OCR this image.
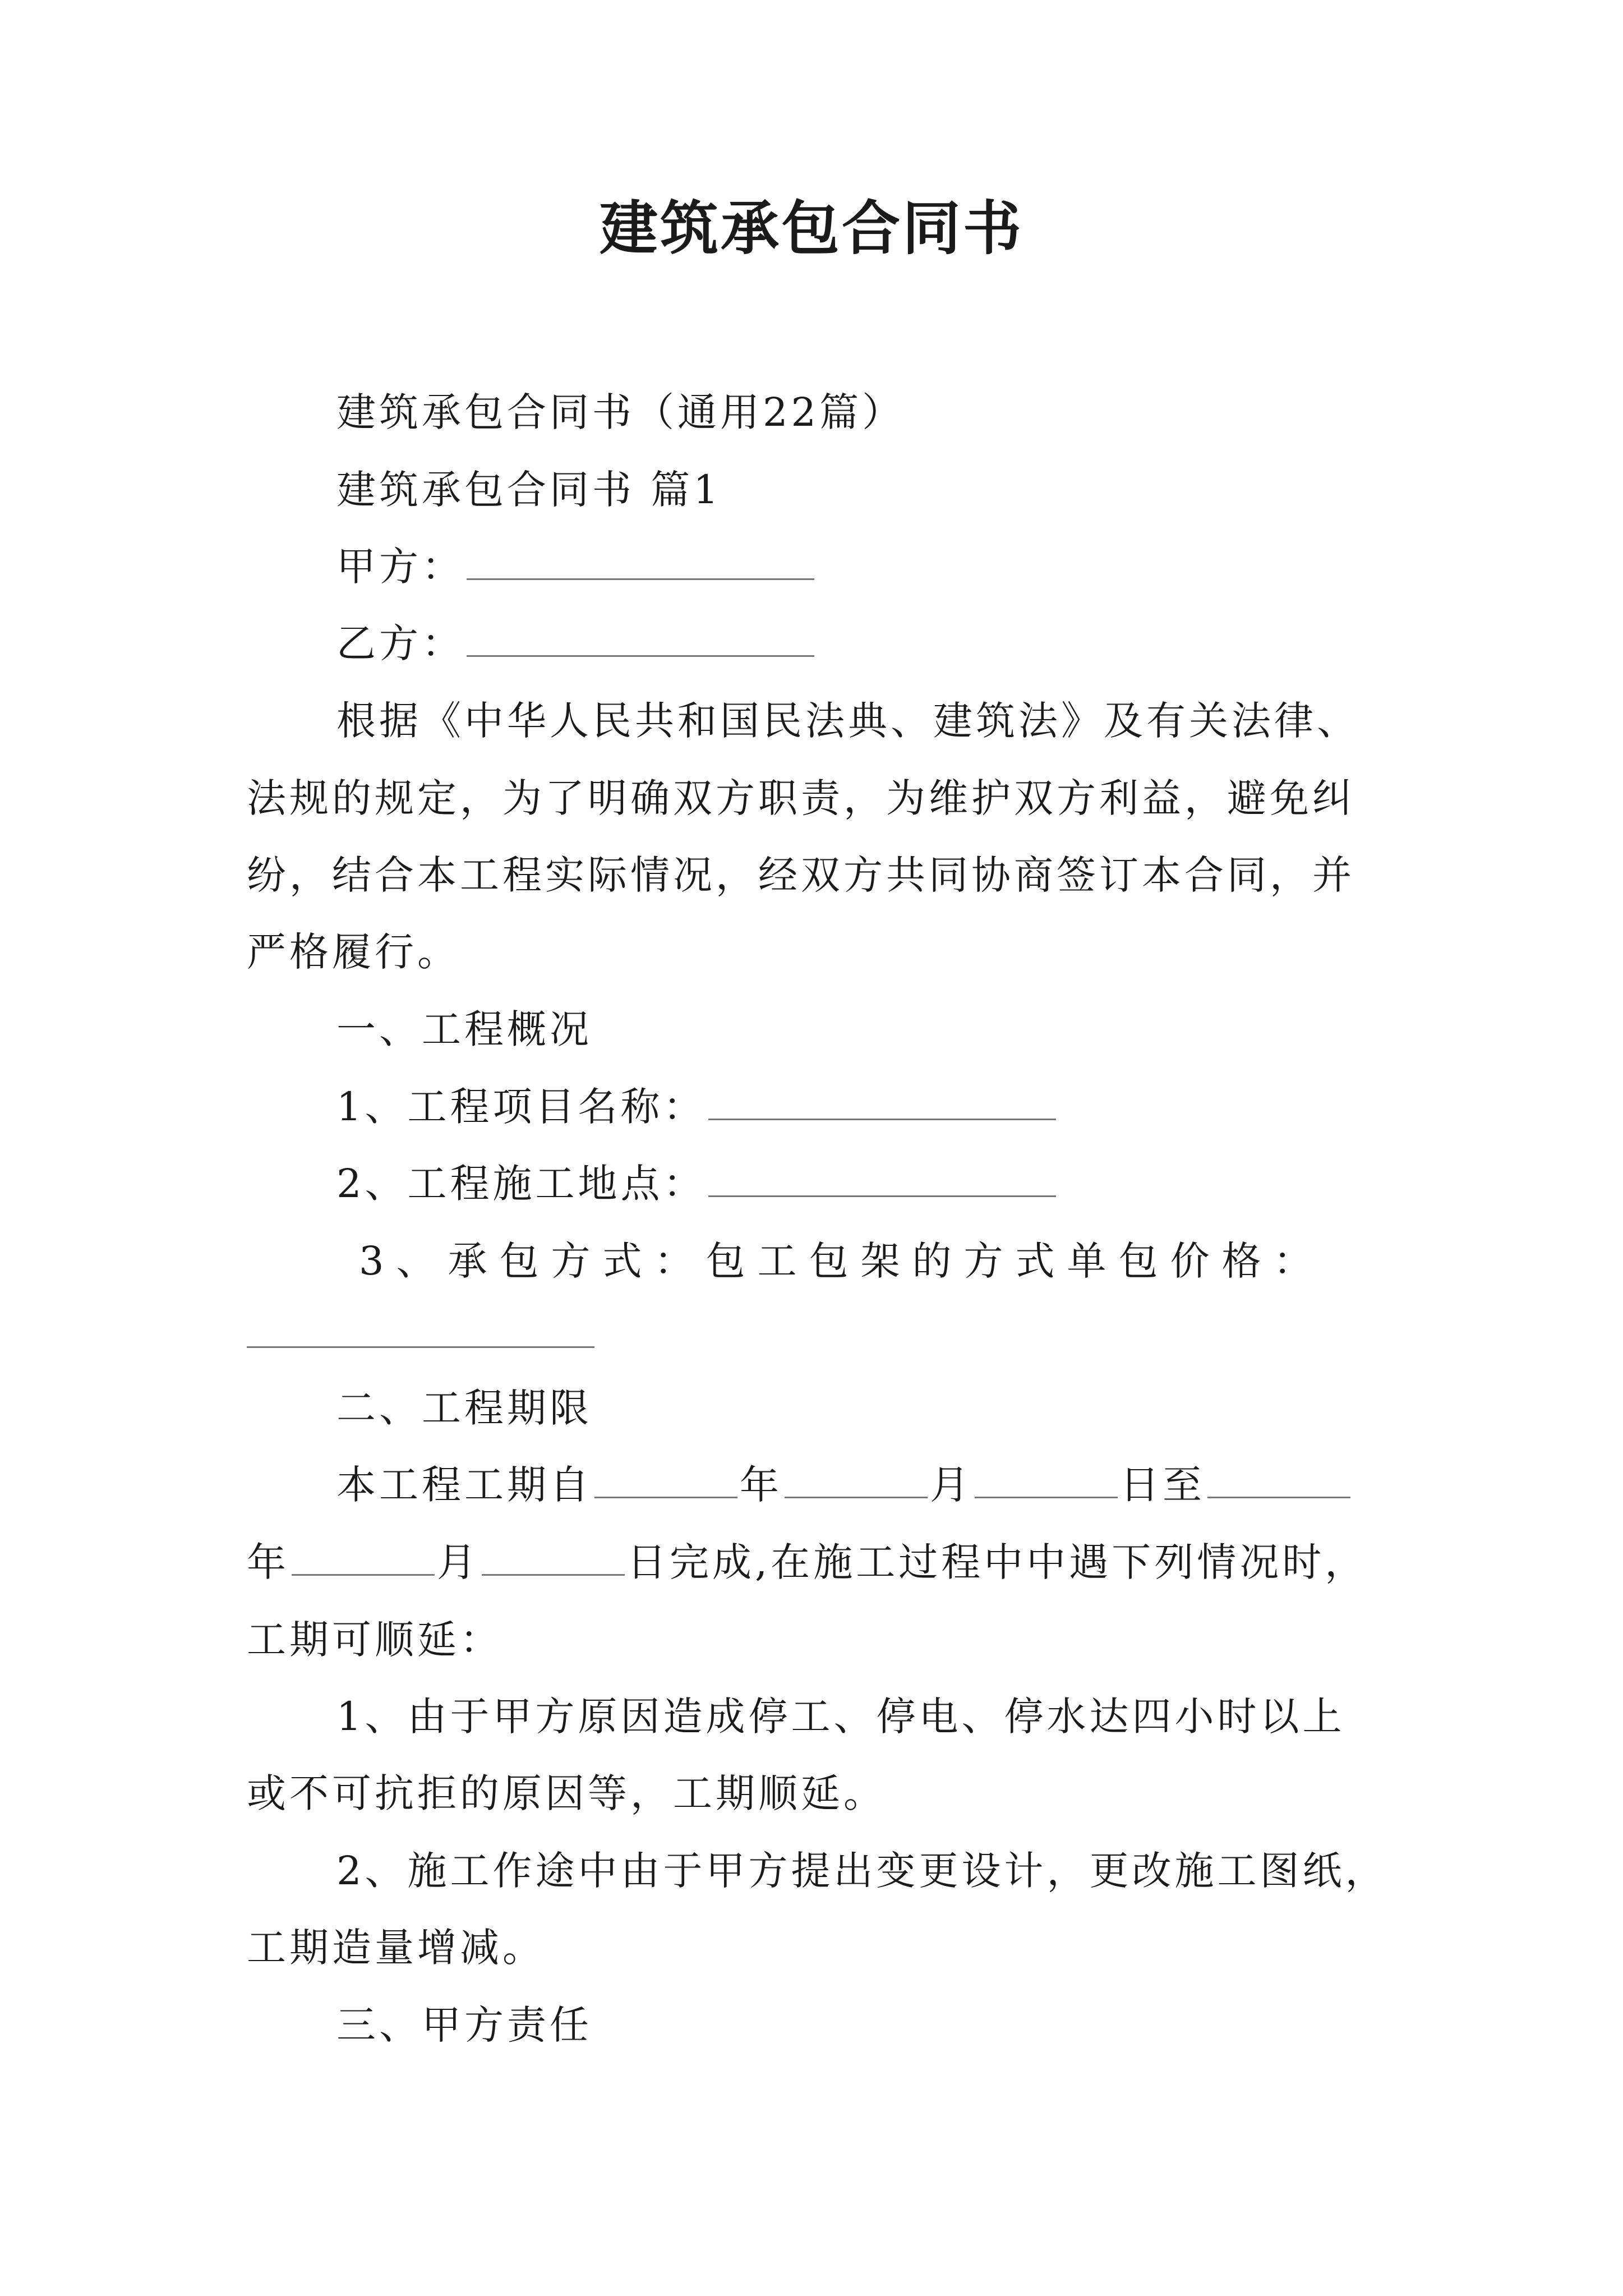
建筑承包合同书
建筑承包合同书（通用22篇）
建筑承包合同书 篇1
甲方：
乙方：
根据《中华人民共和国民法典、建筑法》及有关法律、
法规的规定，为了明确双方职责，为维护双方利益，避免纠
纷，结合本工程实际情况，经双方共同协商签订本合同，并
严格履行。
一、工程概况
1、工程项目名称：
2、工程施工地点：
3、承包方式：包工包架的方式单包价格：
二、工程期限
本工程工期自	年	月	日至
年	月	日完成,在施工过程中中遇下列情况时，
工期可顺延：
1、由于甲方原因造成停工、停电、停水达四小时以上
或不可抗拒的原因等，工期顺延。
2、施工作途中由于甲方提出变更设计，更改施工图纸，
工期造量增减。
三、甲方责任
